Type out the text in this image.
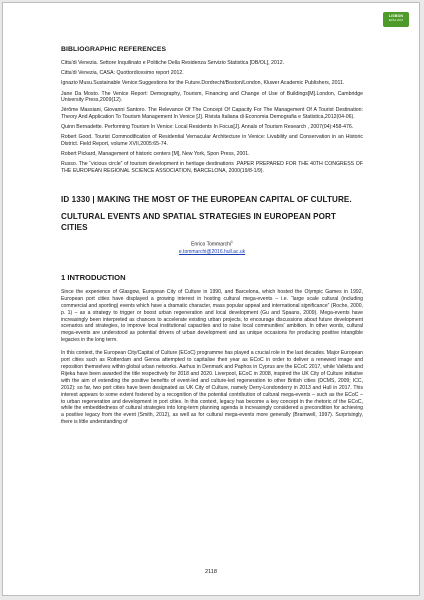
LISBON
ERSA 2015
BIBLIOGRAPHIC REFERENCES

Citta'di Venezia. Settore Inquilinato e Politiche Della Residenza Servizio Statistica [DB/OL], 2012.

Citta'di Venezia, CASA: Quottordicesimo report 2012.

Ignazio Musu.Sustainable Venice:Suggestions for the Future.Dordrecht/Boston/London, Kluwer Academic Publishers, 2011.

Jane Da Mosto. The Venice Report: Demography, Tourism, Financing and Change of Use of Buildings[M].London, Cambridge University Press,2009(12).

Jérôme Massiani, Giovanni Santoro. The Relevance Of The Concept Of Capacity For The Management Of A Tourist Destination: Theory And Application To Tourism Management In Venice [J]. Rivista Italiana di Economia Demografia e Statistica,2012(04-06).

Quinn Bernadette. Performing Tourism In Venice: Local Residents In Focus[J]. Annals of Tourism Research , 2007(04):458-476.

Robert Good. Tourist Commodification of Residential Vernacular Architecture in Venice: Livability and Conservation in an Historic District. Field Report, volume XVII,2005:65-74.

Robert Pickard, Management of historic centers [M], New York, Spon Press, 2001.

Russo. The “vicious circle” of tourism development in heritage destinations .PAPER PREPARED FOR THE 40TH CONGRESS OF THE EUROPEAN REGIONAL SCIENCE ASSOCIATION, BARCELONA, 2000(19/8-1/9).

ID 1330 | MAKING THE MOST OF THE EUROPEAN CAPITAL OF CULTURE.
CULTURAL EVENTS AND SPATIAL STRATEGIES IN EUROPEAN PORT CITIES

Enrico Tommarchi$^1$

e.tommarchi@2016.hull.ac.uk

1 INTRODUCTION

Since the experience of Glasgow, European City of Culture in 1990, and Barcelona, which hosted the Olympic Games in 1992, European port cities have displayed a growing interest in hosting cultural mega-events – i.e. “large scale cultural (including commercial and sporting) events which have a dramatic character, mass popular appeal and international significance” (Roche, 2000, p. 1) – as a strategy to trigger or boost urban regeneration and local development (Gu and Spaans, 2009). Mega-events have increasingly been interpreted as chances to accelerate existing urban projects, to encourage discussions about future development scenarios and strategies, to improve local institutional capacities and to raise local communities' ambition. In other words, cultural mega-events are understood as potential drivers of urban development and as unique occasions for producing positive intangible legacies in the long term.

In this context, the European City/Capital of Culture (ECoC) programme has played a crucial role in the last decades. Major European port cities such as Rotterdam and Genoa attempted to capitalise their year as ECoC in order to deliver a renewed image and reposition themselves within global urban networks. Aarhus in Denmark and Paphos in Cyprus are the ECoC 2017, while Valletta and Rijeka have been awarded the title respectively for 2018 and 2020. Liverpool, ECoC in 2008, inspired the UK City of Culture initiative with the aim of extending the positive benefits of event-led and culture-led regeneration to other British cities (DCMS, 2009; ICC, 2012): so far, two port cities have been designated as UK City of Culture, namely Derry-Londonderry in 2013 and Hull in 2017. This interest appears to some extent fostered by a recognition of the potential contribution of cultural mega-events – such as the ECoC – to urban regeneration and development in port cities. In this context, legacy has become a key concept in the rhetoric of the ECoC, while the embeddedness of cultural strategies into long-term planning agenda is increasingly considered a precondition for achieving a positive legacy from the event (Smith, 2012), as well as for cultural mega-events more generally (Bramwell, 1997). Surprisingly, there is little understanding of

2118
